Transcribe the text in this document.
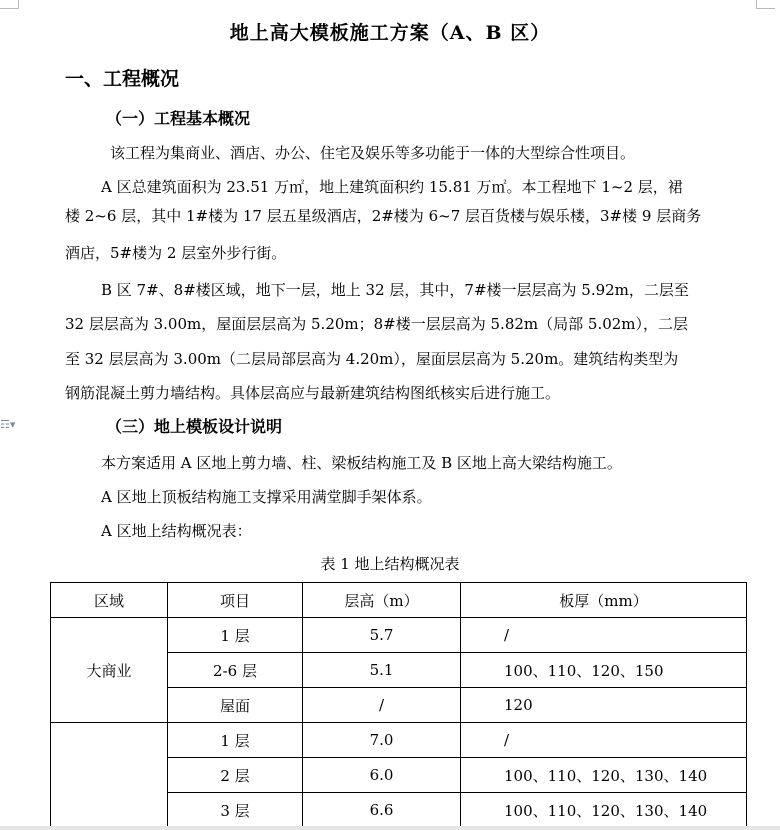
☶▾
地上高大模板施工方案（A、B 区）
一、工程概况
（一）工程基本概况
该工程为集商业、酒店、办公、住宅及娱乐等多功能于一体的大型综合性项目。
A 区总建筑面积为 23.51 万㎡，地上建筑面积约 15.81 万㎡。本工程地下 1~2 层，裙
楼 2~6 层，其中 1#楼为 17 层五星级酒店，2#楼为 6~7 层百货楼与娱乐楼，3#楼 9 层商务
酒店，5#楼为 2 层室外步行街。
B 区 7#、8#楼区域，地下一层，地上 32 层，其中，7#楼一层层高为 5.92m，二层至
32 层层高为 3.00m，屋面层层高为 5.20m；8#楼一层层高为 5.82m（局部 5.02m），二层
至 32 层层高为 3.00m（二层局部层高为 4.20m），屋面层层高为 5.20m。建筑结构类型为
钢筋混凝土剪力墙结构。具体层高应与最新建筑结构图纸核实后进行施工。
（三）地上模板设计说明
本方案适用 A 区地上剪力墙、柱、梁板结构施工及 B 区地上高大梁结构施工。
A 区地上顶板结构施工支撑采用满堂脚手架体系。
A 区地上结构概况表：
表 1 地上结构概况表
区域	项目	层高（m）	板厚（mm）
大商业	1 层	5.7	/
	2-6 层	5.1	100、110、120、150
	屋面	/	120
	1 层	7.0	/
	2 层	6.0	100、110、120、130、140
	3 层	6.6	100、110、120、130、140
